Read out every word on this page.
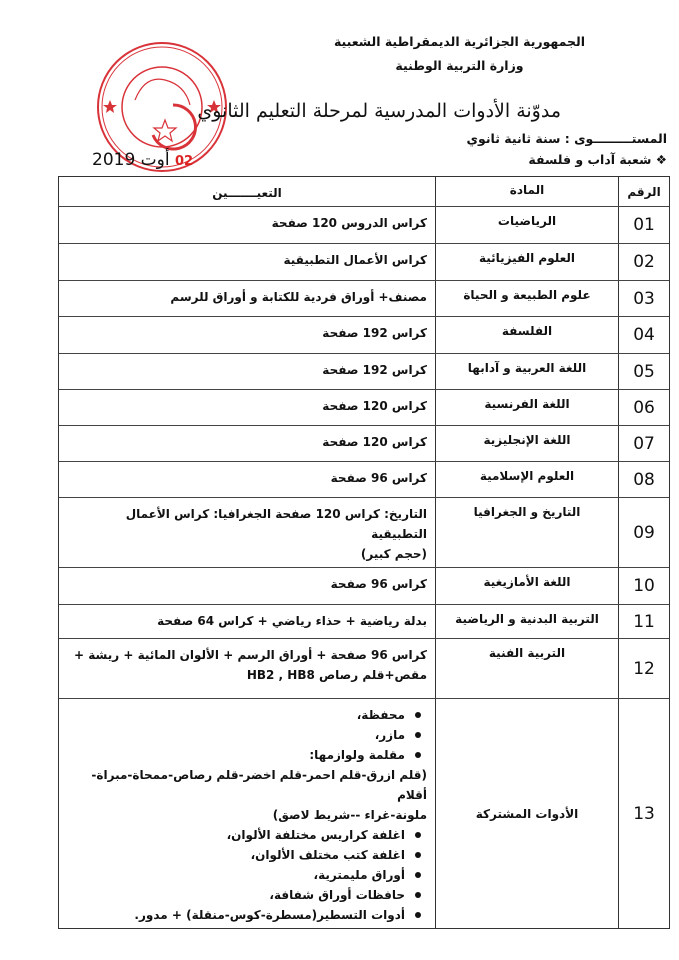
الجمهورية الجزائرية الديمقراطية الشعبية
وزارة التربية الوطنية
مدوّنة الأدوات المدرسية لمرحلة التعليم الثانوي
المستـــــــــوى : سنة ثانية ثانوي
❖ شعبة آداب و فلسفة
02 أوت 2019
الرقم
المادة
التعيـــــــين
01
الرياضيات
كراس الدروس 120 صفحة
02
العلوم الفيزيائية
كراس الأعمال التطبيقية
03
علوم الطبيعة و الحياة
مصنف+ أوراق فردية للكتابة و أوراق للرسم
04
الفلسفة
كراس 192 صفحة
05
اللغة العربية و آدابها
كراس 192 صفحة
06
اللغة الفرنسية
كراس 120 صفحة
07
اللغة الإنجليزية
كراس 120 صفحة
08
العلوم الإسلامية
كراس 96 صفحة
09
التاريخ و الجغرافيا
التاريخ: كراس 120 صفحة الجغرافيا: كراس الأعمال التطبيقية
(حجم كبير)
10
اللغة الأمازيغية
كراس 96 صفحة
11
التربية البدنية و الرياضية
بدلة رياضية + حذاء رياضي + كراس 64 صفحة
12
التربية الفنية
كراس 96 صفحة + أوراق الرسم + الألوان المائية + ريشة +
مقص+قلم رصاص HB2 , HB8
13
الأدوات المشتركة
محفظة،
مازر،
مقلمة ولوازمها:
(قلم ازرق-قلم احمر-قلم اخضر-قلم رصاص-ممحاة-مبراة-أقلام
ملونة-غراء --شريط لاصق)
اغلفة كراريس مختلفة الألوان،
اغلفة كتب مختلف الألوان،
أوراق مليمترية،
حافظات أوراق شفافة،
أدوات التسطير(مسطرة-كوس-منقلة) + مدور.
